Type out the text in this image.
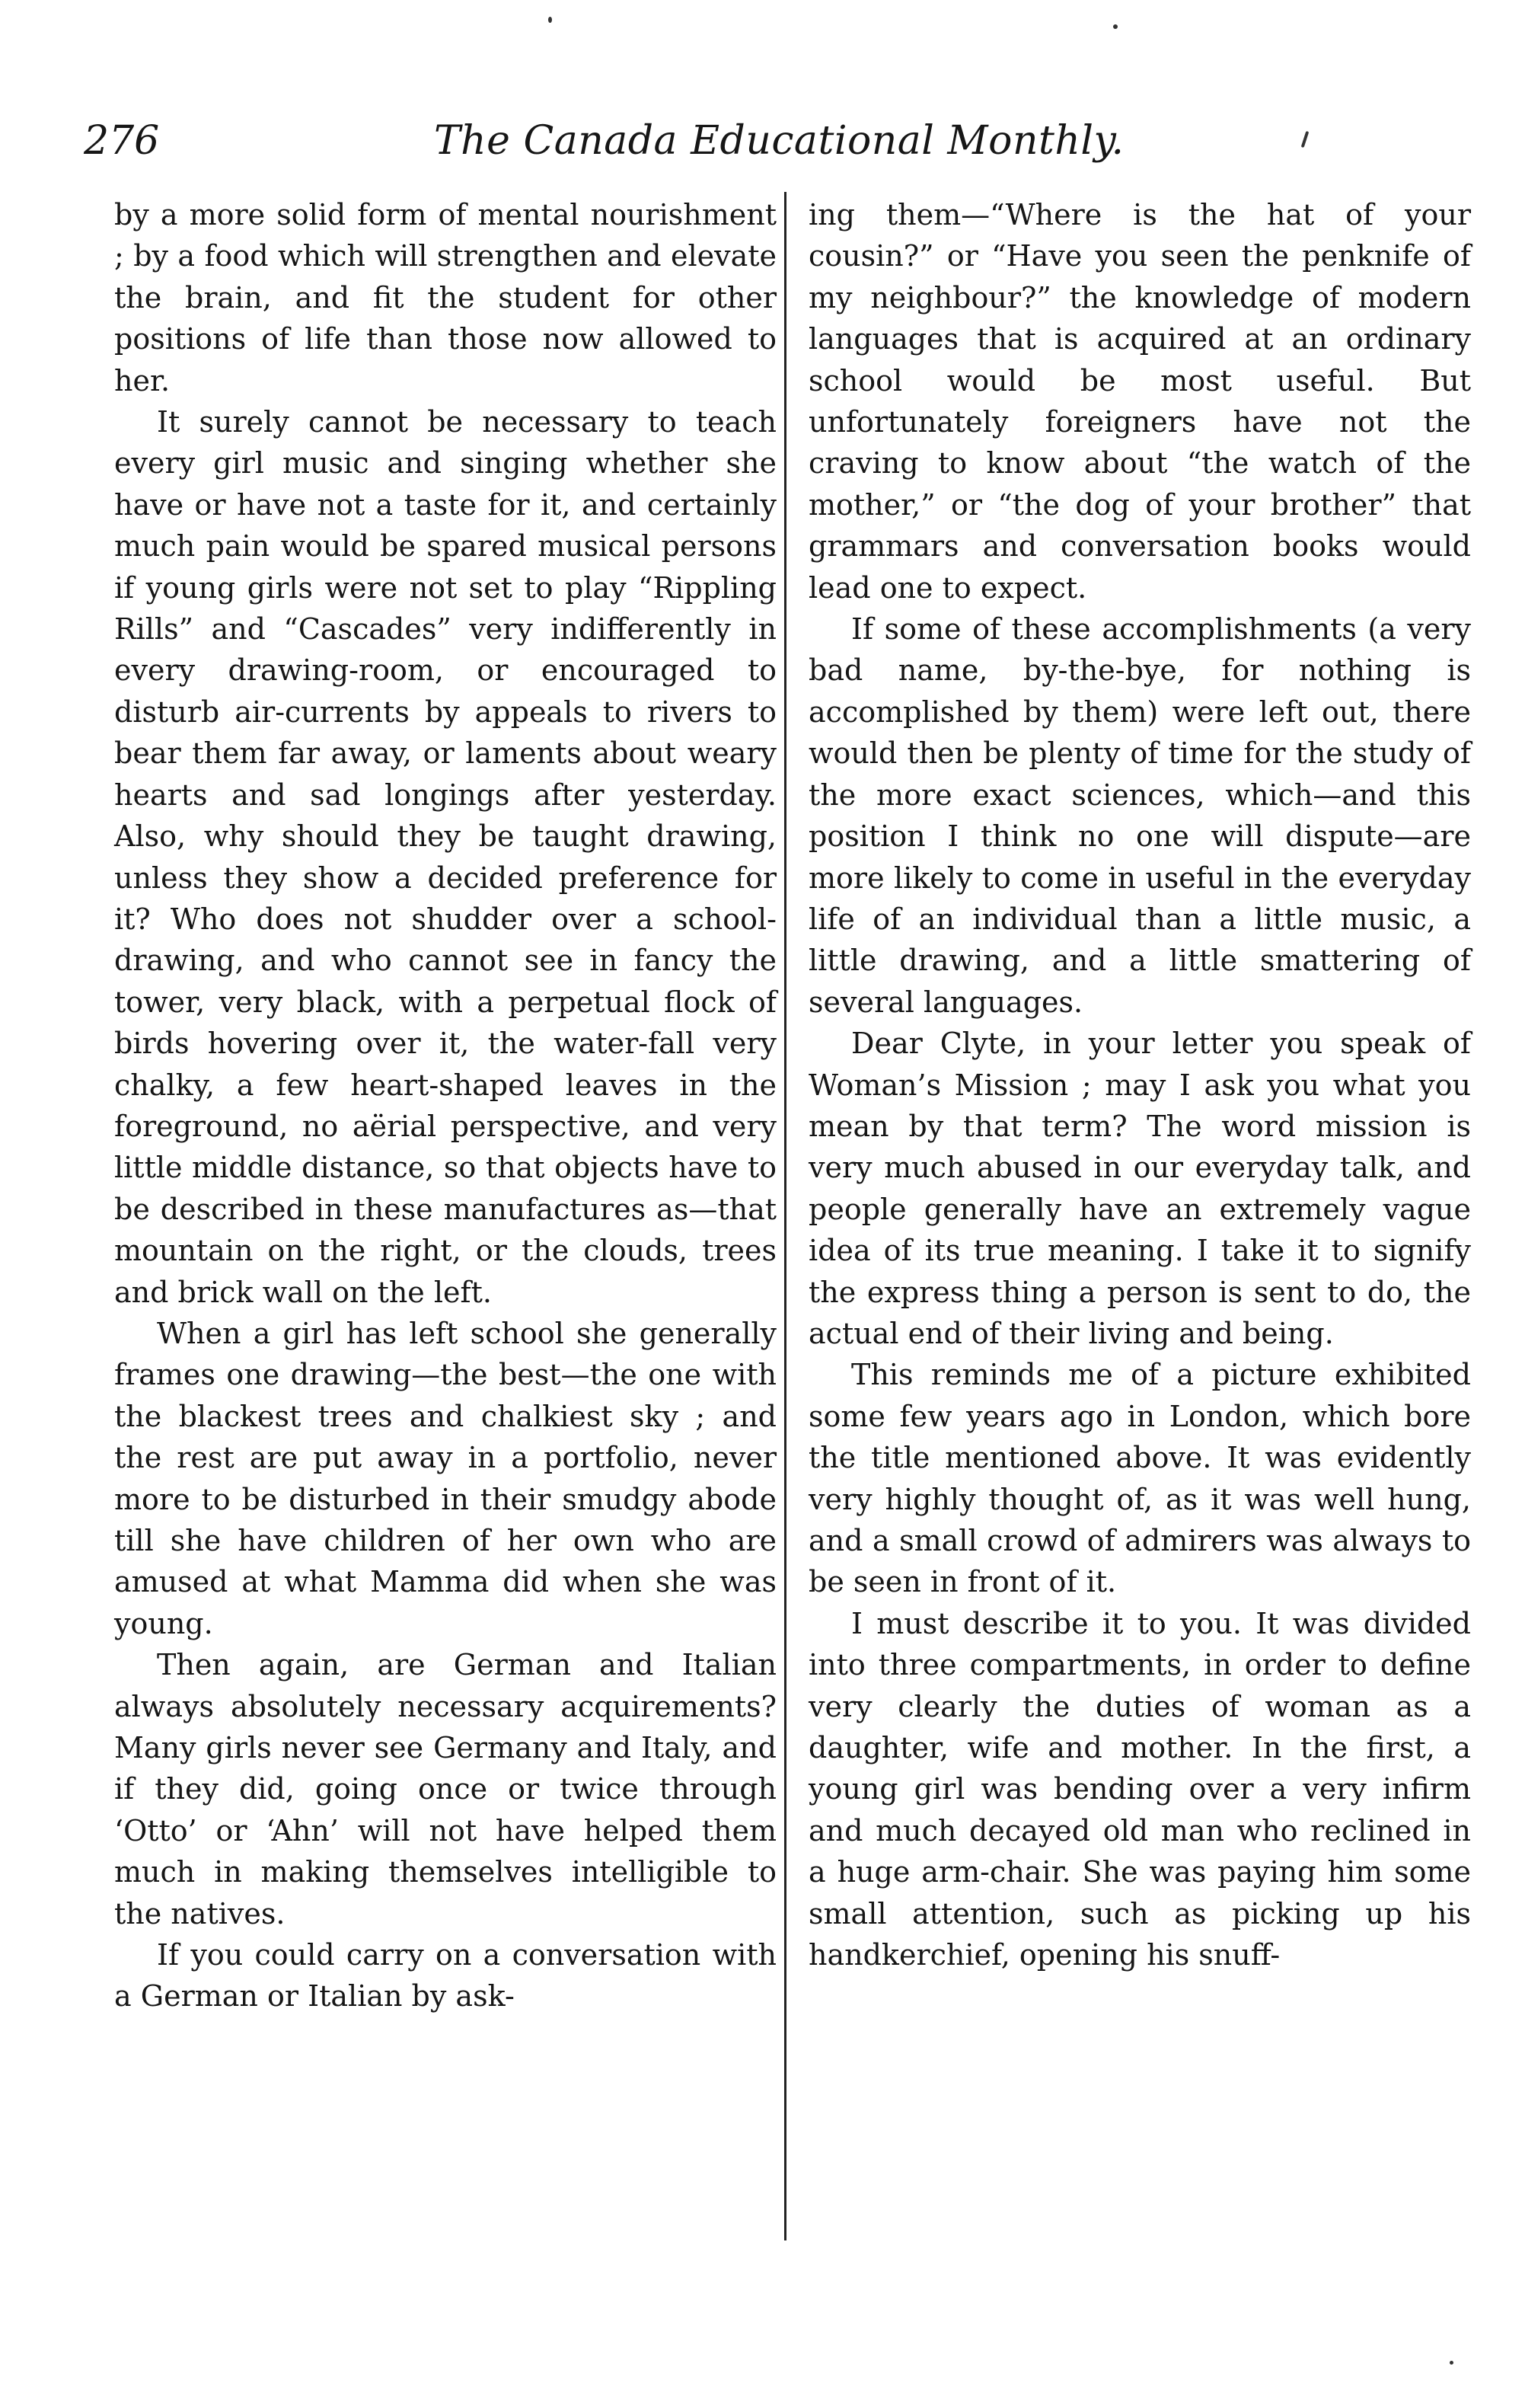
276	The Canada Educational Monthly.

by a more solid form of mental nourishment ; by a food which will strengthen and elevate the brain, and fit the student for other positions of life than those now allowed to her.

It surely cannot be necessary to teach every girl music and singing whether she have or have not a taste for it, and certainly much pain would be spared musical persons if young girls were not set to play “Rippling Rills” and “Cascades” very indifferently in every drawing-room, or encouraged to disturb air-currents by appeals to rivers to bear them far away, or laments about weary hearts and sad longings after yesterday. Also, why should they be taught drawing, unless they show a decided preference for it? Who does not shudder over a school-drawing, and who cannot see in fancy the tower, very black, with a perpetual flock of birds hovering over it, the water-fall very chalky, a few heart-shaped leaves in the foreground, no aërial perspective, and very little middle distance, so that objects have to be described in these manufactures as—that mountain on the right, or the clouds, trees and brick wall on the left.

When a girl has left school she generally frames one drawing—the best—the one with the blackest trees and chalkiest sky ; and the rest are put away in a portfolio, never more to be disturbed in their smudgy abode till she have children of her own who are amused at what Mamma did when she was young.

Then again, are German and Italian always absolutely necessary acquirements? Many girls never see Germany and Italy, and if they did, going once or twice through ‘Otto’ or ‘Ahn’ will not have helped them much in making themselves intelligible to the natives.

If you could carry on a conversation with a German or Italian by ask-

ing them—“Where is the hat of your cousin?” or “Have you seen the penknife of my neighbour?” the knowledge of modern languages that is acquired at an ordinary school would be most useful. But unfortunately foreigners have not the craving to know about “the watch of the mother,” or “the dog of your brother” that grammars and conversation books would lead one to expect.

If some of these accomplishments (a very bad name, by-the-bye, for nothing is accomplished by them) were left out, there would then be plenty of time for the study of the more exact sciences, which—and this position I think no one will dispute—are more likely to come in useful in the everyday life of an individual than a little music, a little drawing, and a little smattering of several languages.

Dear Clyte, in your letter you speak of Woman’s Mission ; may I ask you what you mean by that term? The word mission is very much abused in our everyday talk, and people generally have an extremely vague idea of its true meaning. I take it to signify the express thing a person is sent to do, the actual end of their living and being.

This reminds me of a picture exhibited some few years ago in London, which bore the title mentioned above. It was evidently very highly thought of, as it was well hung, and a small crowd of admirers was always to be seen in front of it.

I must describe it to you. It was divided into three compartments, in order to define very clearly the duties of woman as a daughter, wife and mother. In the first, a young girl was bending over a very infirm and much decayed old man who reclined in a huge arm-chair. She was paying him some small attention, such as picking up his handkerchief, opening his snuff-
